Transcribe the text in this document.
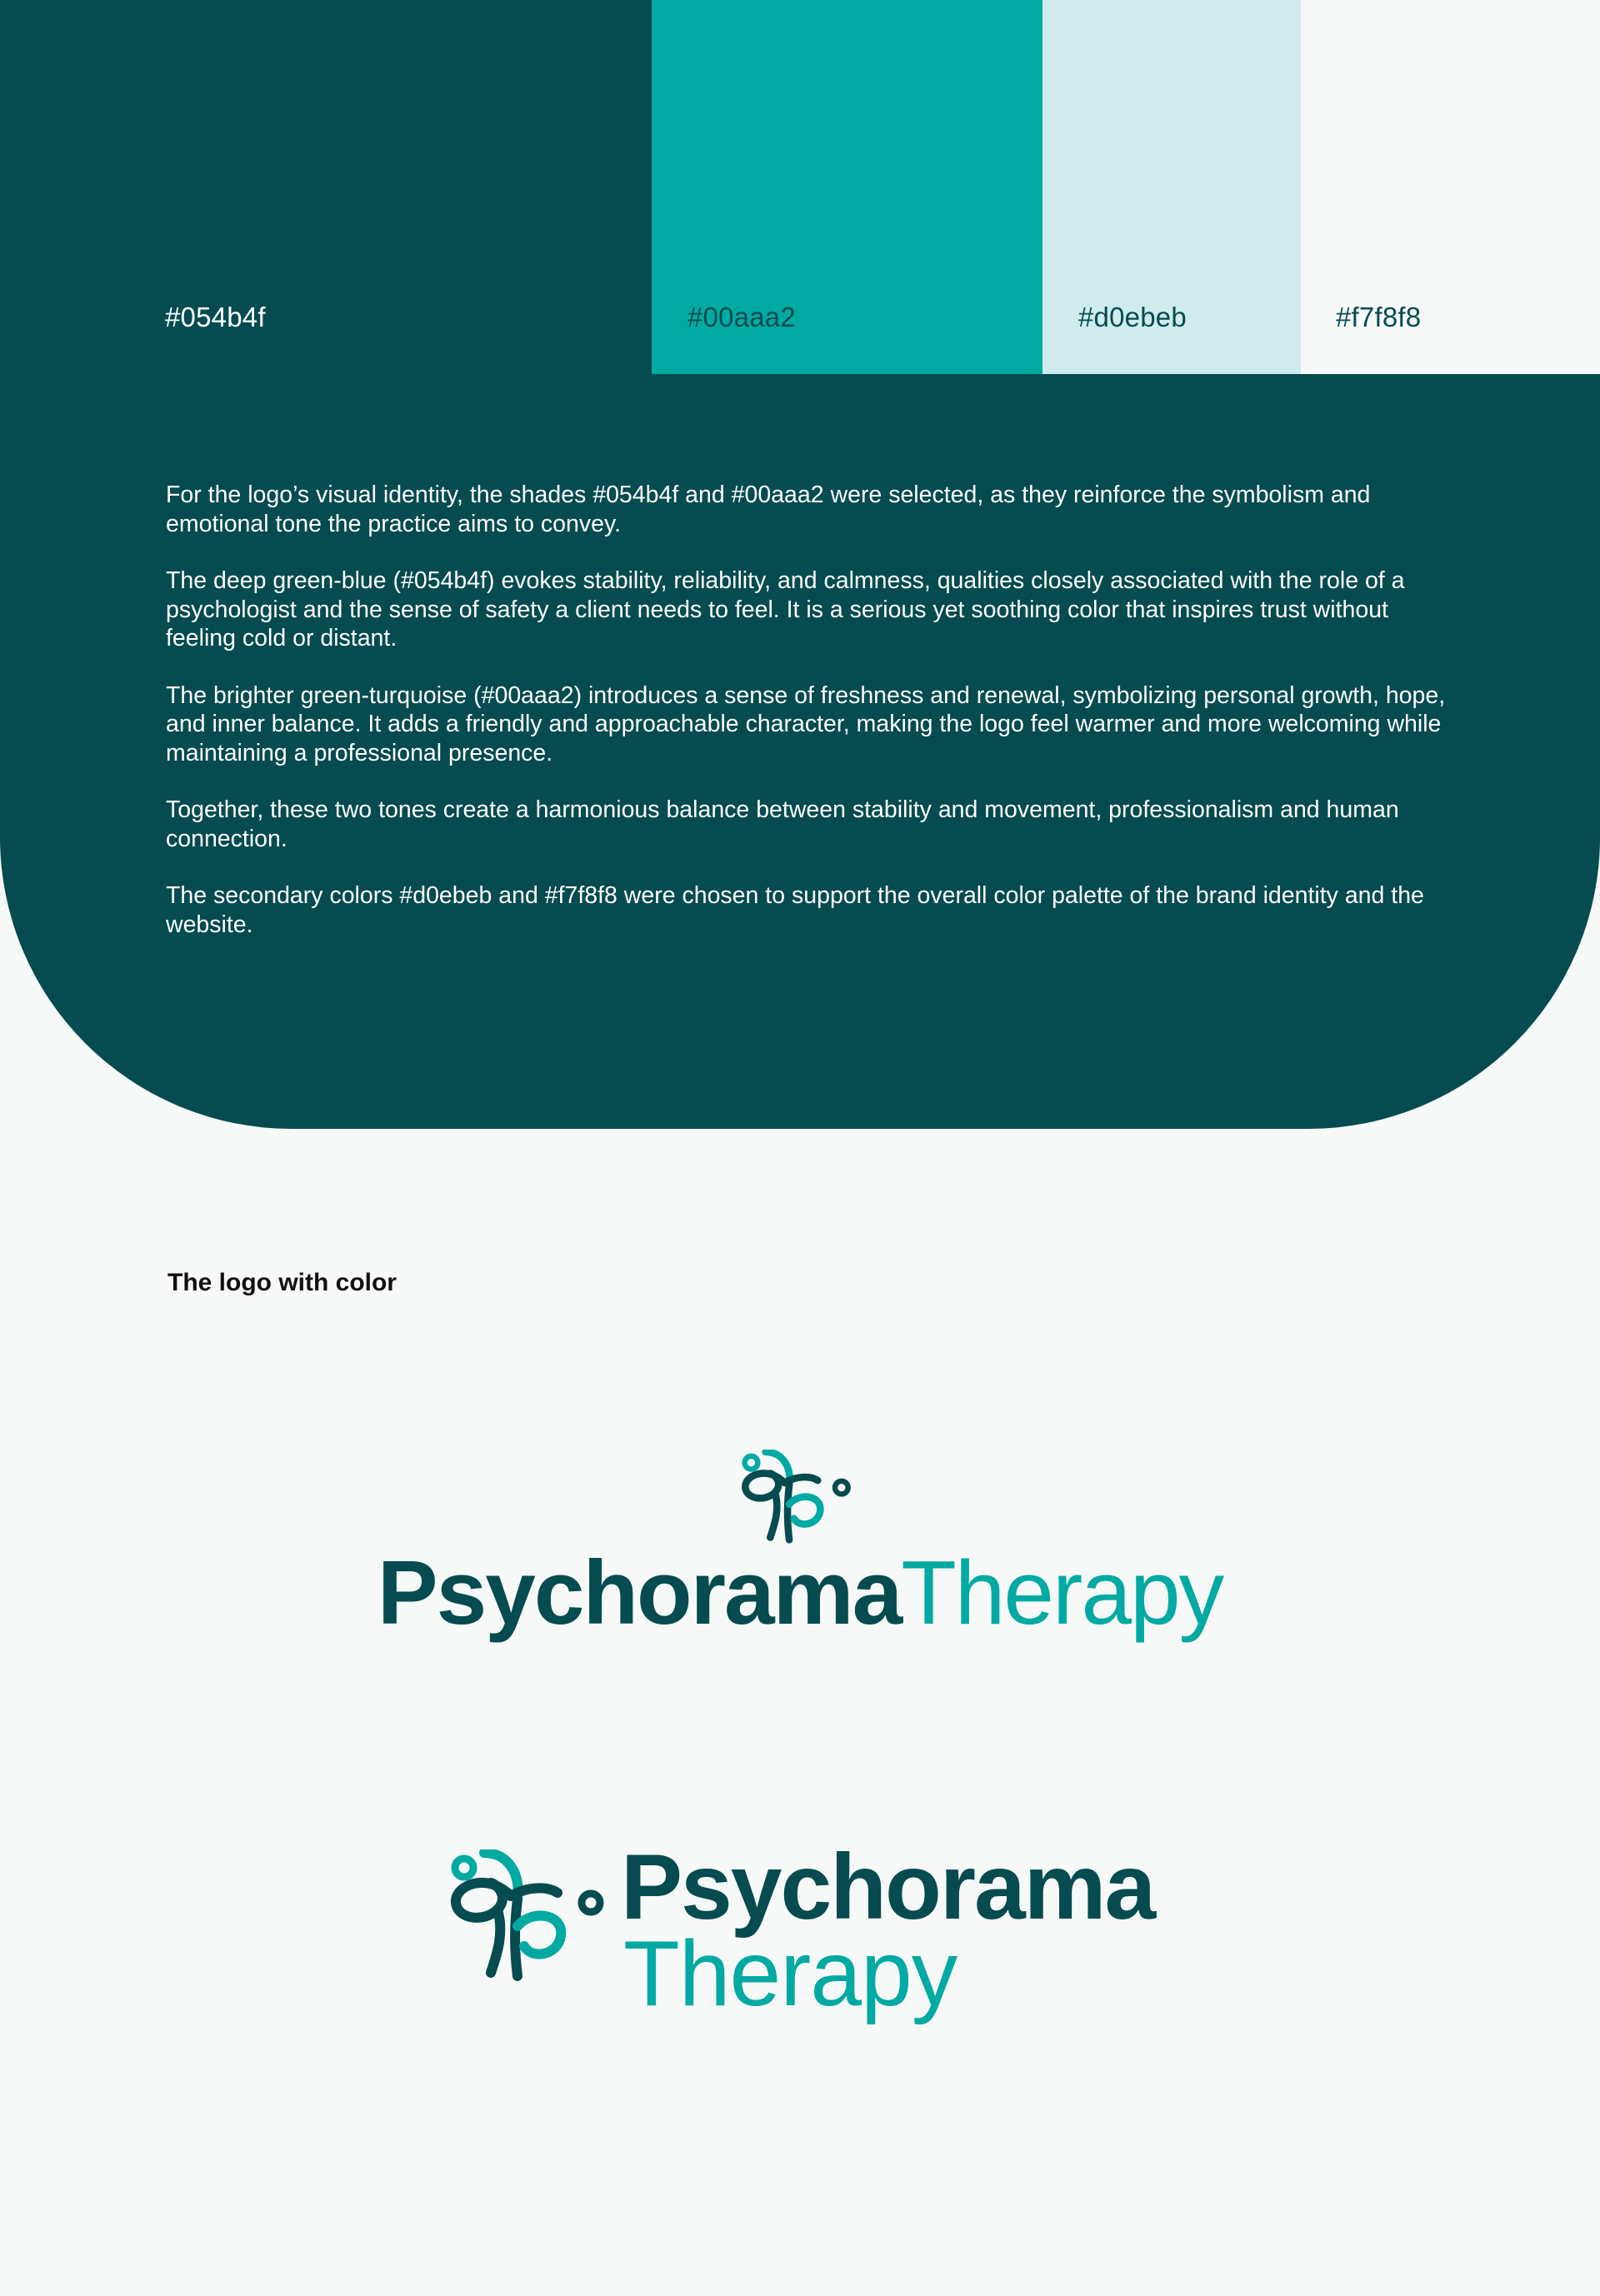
#054b4f	#00aaa2	#d0ebeb	#f7f8f8

For the logo’s visual identity, the shades #054b4f and #00aaa2 were selected, as they reinforce the symbolism and emotional tone the practice aims to convey.

The deep green-blue (#054b4f) evokes stability, reliability, and calmness, qualities closely associated with the role of a psychologist and the sense of safety a client needs to feel. It is a serious yet soothing color that inspires trust without feeling cold or distant.

The brighter green-turquoise (#00aaa2) introduces a sense of freshness and renewal, symbolizing personal growth, hope, and inner balance. It adds a friendly and approachable character, making the logo feel warmer and more welcoming while maintaining a professional presence.

Together, these two tones create a harmonious balance between stability and movement, professionalism and human connection.

The secondary colors #d0ebeb and #f7f8f8 were chosen to support the overall color palette of the brand identity and the website.

The logo with color
PsychoramaTherapy
Psychorama
Therapy
